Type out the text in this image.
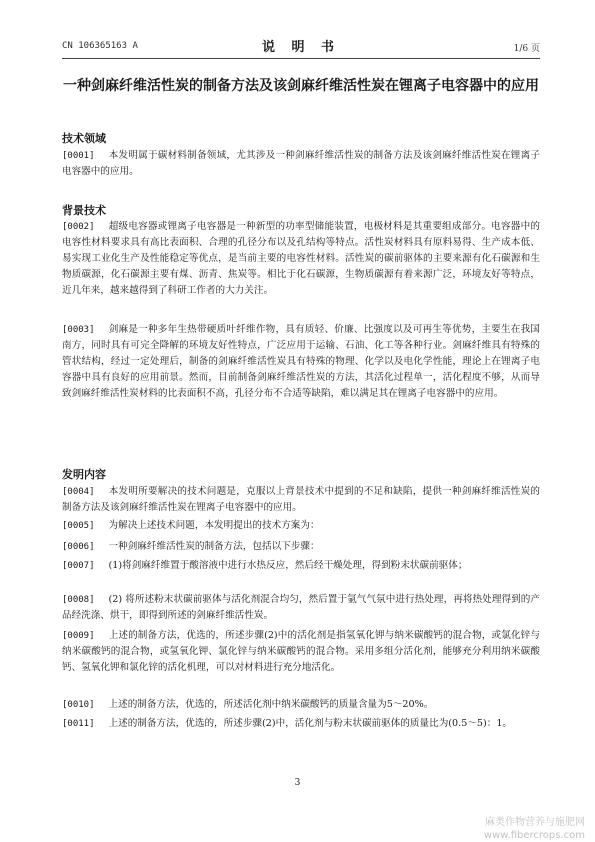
CN 106365163 A	说 明 书	1/6 页
一种剑麻纤维活性炭的制备方法及该剑麻纤维活性炭在锂离子电容器中的应用
技术领域
[0001] 本发明属于碳材料制备领域，尤其涉及一种剑麻纤维活性炭的制备方法及该剑麻纤维活性炭在锂离子电容器中的应用。
背景技术
[0002] 超级电容器或锂离子电容器是一种新型的功率型储能装置，电极材料是其重要组成部分。电容器中的电容性材料要求具有高比表面积、合理的孔径分布以及孔结构等特点。活性炭材料具有原料易得、生产成本低、易实现工业化生产及性能稳定等优点，是当前主要的电容性材料。活性炭的碳前驱体的主要来源有化石碳源和生物质碳源，化石碳源主要有煤、沥青、焦炭等。相比于化石碳源，生物质碳源有着来源广泛，环境友好等特点，近几年来，越来越得到了科研工作者的大力关注。
[0003] 剑麻是一种多年生热带硬质叶纤维作物，具有质轻、价廉、比强度以及可再生等优势，主要生在我国南方，同时具有可完全降解的环境友好性特点，广泛应用于运输、石油、化工等各种行业。剑麻纤维具有特殊的管状结构，经过一定处理后，制备的剑麻纤维活性炭具有特殊的物理、化学以及电化学性能，理论上在锂离子电容器中具有良好的应用前景。然而，目前制备剑麻纤维活性炭的方法，其活化过程单一，活化程度不够，从而导致剑麻纤维活性炭材料的比表面积不高，孔径分布不合适等缺陷，难以满足其在锂离子电容器中的应用。
发明内容
[0004] 本发明所要解决的技术问题是，克服以上背景技术中提到的不足和缺陷，提供一种剑麻纤维活性炭的制备方法及该剑麻纤维活性炭在锂离子电容器中的应用。
[0005] 为解决上述技术问题，本发明提出的技术方案为：
[0006] 一种剑麻纤维活性炭的制备方法，包括以下步骤：
[0007] (1)将剑麻纤维置于酸溶液中进行水热反应，然后经干燥处理，得到粉末状碳前驱体；
[0008] (2) 将所述粉末状碳前驱体与活化剂混合均匀，然后置于氩气气氛中进行热处理，再将热处理得到的产品经洗涤、烘干，即得到所述的剑麻纤维活性炭。
[0009] 上述的制备方法，优选的，所述步骤(2)中的活化剂是指氢氧化钾与纳米碳酸钙的混合物，或氯化锌与纳米碳酸钙的混合物，或氢氧化钾、氯化锌与纳米碳酸钙的混合物。采用多组分活化剂，能够充分利用纳米碳酸钙、氢氧化钾和氯化锌的活化机理，可以对材料进行充分地活化。
[0010] 上述的制备方法，优选的，所述活化剂中纳米碳酸钙的质量含量为5～20%。
[0011] 上述的制备方法，优选的，所述步骤(2)中，活化剂与粉末状碳前驱体的质量比为(0.5～5)：1。
3
麻类作物营养与施肥网
www.fibercrops.com
